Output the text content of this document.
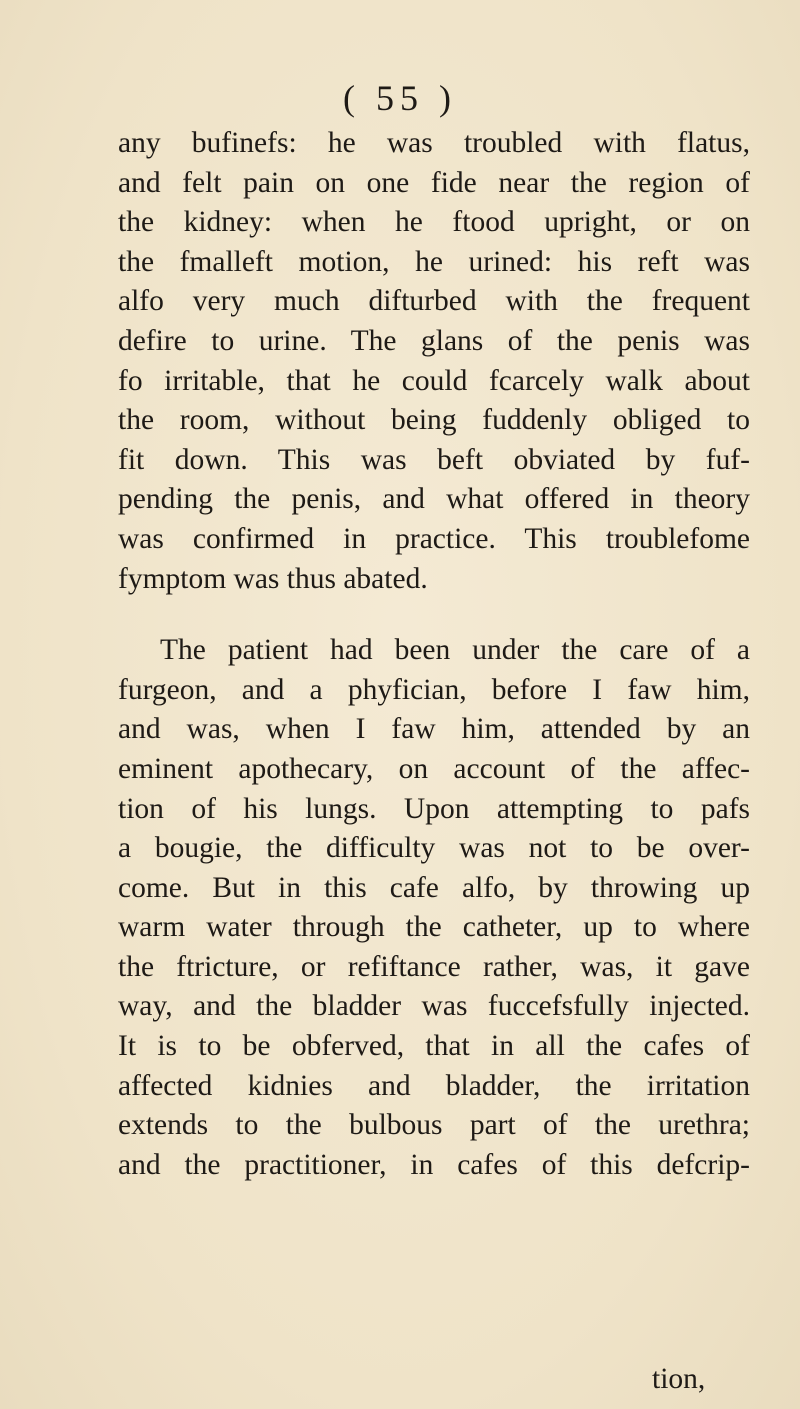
( 55 )
any bufinefs: he was troubled with flatus,
and felt pain on one fide near the region of
the kidney: when he ftood upright, or on
the fmalleft motion, he urined: his reft was
alfo very much difturbed with the frequent
defire to urine. The glans of the penis was
fo irritable, that he could fcarcely walk about
the room, without being fuddenly obliged to
fit down. This was beft obviated by fuf-
pending the penis, and what offered in theory
was confirmed in practice. This troublefome
fymptom was thus abated.
The patient had been under the care of a
furgeon, and a phyfician, before I faw him,
and was, when I faw him, attended by an
eminent apothecary, on account of the affec-
tion of his lungs. Upon attempting to pafs
a bougie, the difficulty was not to be over-
come. But in this cafe alfo, by throwing up
warm water through the catheter, up to where
the ftricture, or refiftance rather, was, it gave
way, and the bladder was fuccefsfully injected.
It is to be obferved, that in all the cafes of
affected kidnies and bladder, the irritation
extends to the bulbous part of the urethra;
and the practitioner, in cafes of this defcrip-
tion,
